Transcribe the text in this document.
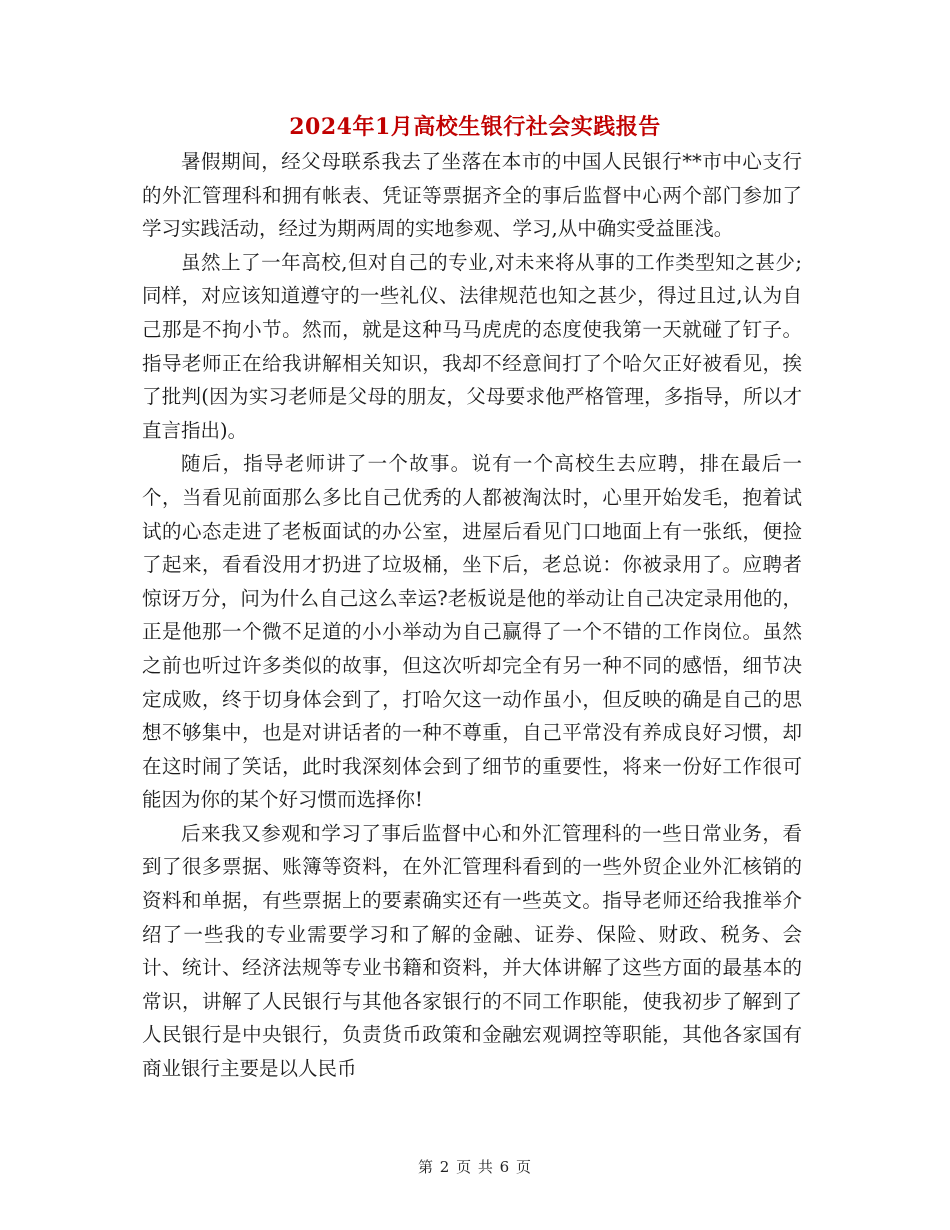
2024年1月高校生银行社会实践报告

暑假期间，经父母联系我去了坐落在本市的中国人民银行**市中心支行的外汇管理科和拥有帐表、凭证等票据齐全的事后监督中心两个部门参加了学习实践活动，经过为期两周的实地参观、学习,从中确实受益匪浅。

虽然上了一年高校,但对自己的专业,对未来将从事的工作类型知之甚少;同样，对应该知道遵守的一些礼仪、法律规范也知之甚少，得过且过,认为自己那是不拘小节。然而，就是这种马马虎虎的态度使我第一天就碰了钉子。指导老师正在给我讲解相关知识，我却不经意间打了个哈欠正好被看见，挨了批判(因为实习老师是父母的朋友，父母要求他严格管理，多指导，所以才直言指出)。

随后，指导老师讲了一个故事。说有一个高校生去应聘，排在最后一个，当看见前面那么多比自己优秀的人都被淘汰时，心里开始发毛，抱着试试的心态走进了老板面试的办公室，进屋后看见门口地面上有一张纸，便捡了起来，看看没用才扔进了垃圾桶，坐下后，老总说：你被录用了。应聘者惊讶万分，问为什么自己这么幸运?老板说是他的举动让自己决定录用他的，正是他那一个微不足道的小小举动为自己赢得了一个不错的工作岗位。虽然之前也听过许多类似的故事，但这次听却完全有另一种不同的感悟，细节决定成败，终于切身体会到了，打哈欠这一动作虽小，但反映的确是自己的思想不够集中，也是对讲话者的一种不尊重，自己平常没有养成良好习惯，却在这时闹了笑话，此时我深刻体会到了细节的重要性，将来一份好工作很可能因为你的某个好习惯而选择你!

后来我又参观和学习了事后监督中心和外汇管理科的一些日常业务，看到了很多票据、账簿等资料，在外汇管理科看到的一些外贸企业外汇核销的资料和单据，有些票据上的要素确实还有一些英文。指导老师还给我推举介绍了一些我的专业需要学习和了解的金融、证券、保险、财政、税务、会计、统计、经济法规等专业书籍和资料，并大体讲解了这些方面的最基本的常识，讲解了人民银行与其他各家银行的不同工作职能，使我初步了解到了人民银行是中央银行，负责货币政策和金融宏观调控等职能，其他各家国有商业银行主要是以人民币

第 2 页 共 6 页
